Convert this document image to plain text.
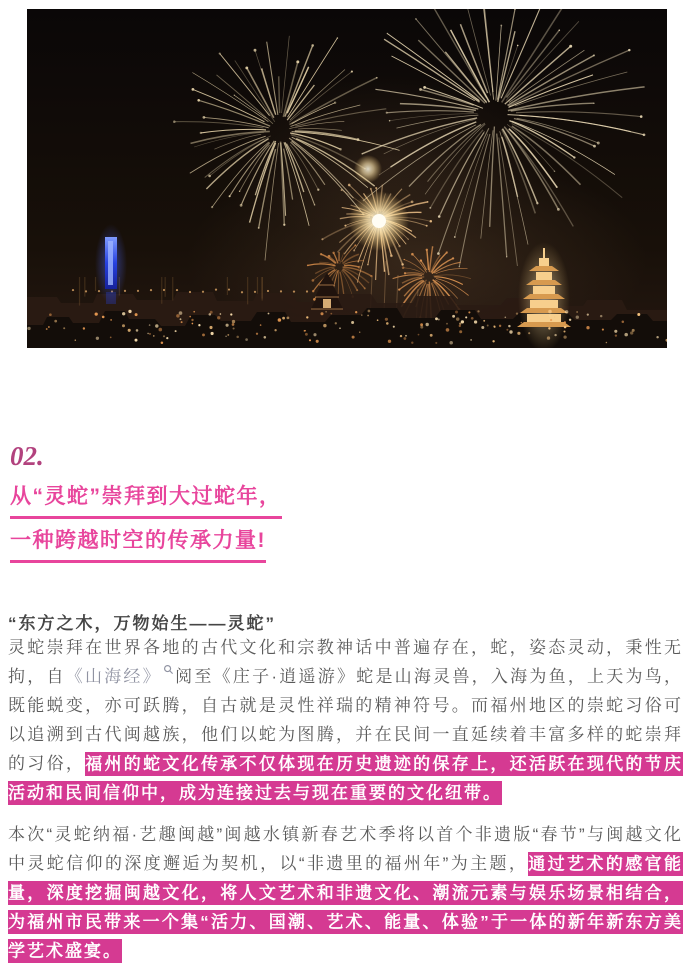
02.
从“灵蛇”崇拜到大过蛇年，
一种跨越时空的传承力量!
“东方之木，万物始生——灵蛇”
灵蛇崇拜在世界各地的古代文化和宗教神话中普遍存在，蛇，姿态灵动，秉性无拘，自《山海经》 阅至《庄子·逍遥游》蛇是山海灵兽，入海为鱼，上天为鸟，既能蜕变，亦可跃腾，自古就是灵性祥瑞的精神符号。而福州地区的崇蛇习俗可以追溯到古代闽越族，他们以蛇为图腾，并在民间一直延续着丰富多样的蛇崇拜的习俗，福州的蛇文化传承不仅体现在历史遗迹的保存上，还活跃在现代的节庆活动和民间信仰中，成为连接过去与现在重要的文化纽带。
本次“灵蛇纳福·艺趣闽越”闽越水镇新春艺术季将以首个非遗版“春节”与闽越文化中灵蛇信仰的深度邂逅为契机，以“非遗里的福州年”为主题，通过艺术的感官能量，深度挖掘闽越文化，将人文艺术和非遗文化、潮流元素与娱乐场景相结合，为福州市民带来一个集“活力、国潮、艺术、能量、体验”于一体的新年新东方美学艺术盛宴。
